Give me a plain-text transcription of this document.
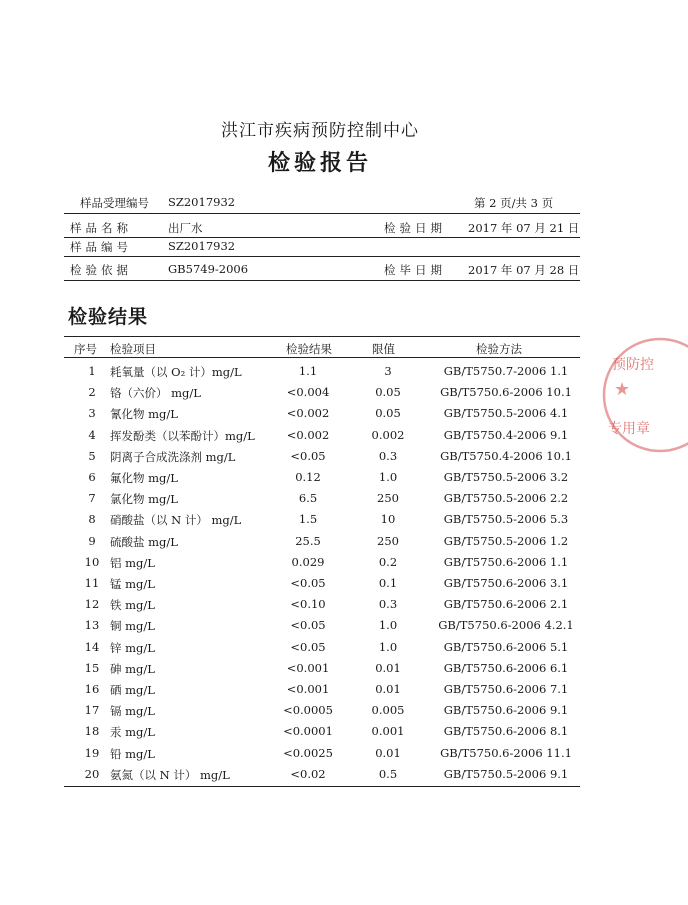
洪江市疾病预防控制中心
检验报告
样品受理编号 SZ2017932	第 2 页/共 3 页
样品名称	出厂水	检验日期 2017 年 07 月 21 日
样品编号	SZ2017932
检验依据	GB5749-2006	检毕日期 2017 年 07 月 28 日
检验结果
序号 检验项目	检验结果	限值	检验方法
1	耗氧量（以 O₂ 计）mg/L	1.1	3	GB/T5750.7-2006 1.1
2	铬（六价） mg/L	<0.004	0.05	GB/T5750.6-2006 10.1
3	氰化物 mg/L	<0.002	0.05	GB/T5750.5-2006 4.1
4	挥发酚类（以苯酚计）mg/L	<0.002	0.002	GB/T5750.4-2006 9.1
5	阴离子合成洗涤剂 mg/L	<0.05	0.3	GB/T5750.4-2006 10.1
6	氟化物 mg/L	0.12	1.0	GB/T5750.5-2006 3.2
7	氯化物 mg/L	6.5	250	GB/T5750.5-2006 2.2
8	硝酸盐（以 N 计） mg/L	1.5	10	GB/T5750.5-2006 5.3
9	硫酸盐 mg/L	25.5	250	GB/T5750.5-2006 1.2
10 铝 mg/L	0.029	0.2	GB/T5750.6-2006 1.1
11 锰 mg/L	<0.05	0.1	GB/T5750.6-2006 3.1
12 铁 mg/L	<0.10	0.3	GB/T5750.6-2006 2.1
13 铜 mg/L	<0.05	1.0	GB/T5750.6-2006 4.2.1
14 锌 mg/L	<0.05	1.0	GB/T5750.6-2006 5.1
15 砷 mg/L	<0.001	0.01	GB/T5750.6-2006 6.1
16 硒 mg/L	<0.001	0.01	GB/T5750.6-2006 7.1
17 镉 mg/L	<0.0005	0.005	GB/T5750.6-2006 9.1
18 汞 mg/L	<0.0001	0.001	GB/T5750.6-2006 8.1
19 铅 mg/L	<0.0025	0.01	GB/T5750.6-2006 11.1
20 氨氮（以 N 计） mg/L	<0.02	0.5	GB/T5750.5-2006 9.1
预防控
★
专用章
